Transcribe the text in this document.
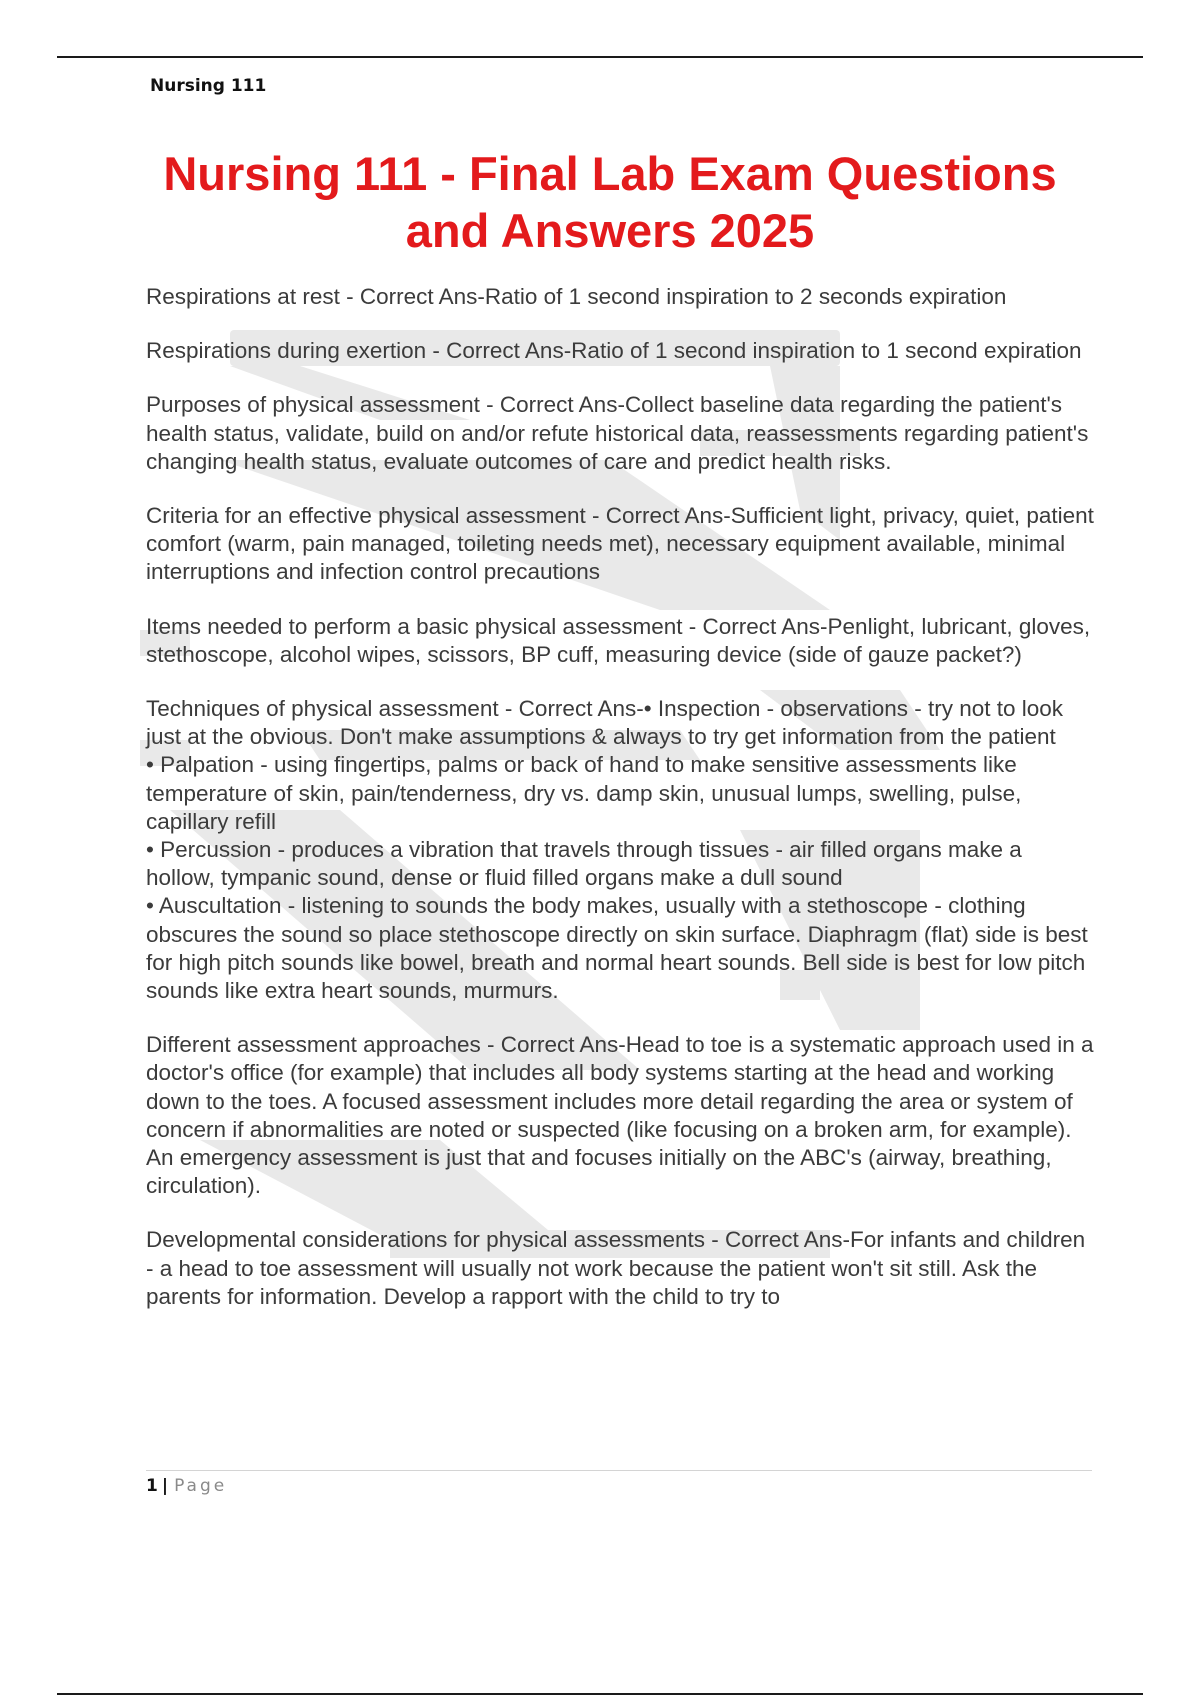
Nursing 111
Nursing 111 - Final Lab Exam Questions and Answers 2025

Respirations at rest - Correct Ans-Ratio of 1 second inspiration to 2 seconds expiration

Respirations during exertion - Correct Ans-Ratio of 1 second inspiration to 1 second expiration

Purposes of physical assessment - Correct Ans-Collect baseline data regarding the patient's health status, validate, build on and/or refute historical data, reassessments regarding patient's changing health status, evaluate outcomes of care and predict health risks.

Criteria for an effective physical assessment - Correct Ans-Sufficient light, privacy, quiet, patient comfort (warm, pain managed, toileting needs met), necessary equipment available, minimal interruptions and infection control precautions

Items needed to perform a basic physical assessment - Correct Ans-Penlight, lubricant, gloves, stethoscope, alcohol wipes, scissors, BP cuff, measuring device (side of gauze packet?)

Techniques of physical assessment - Correct Ans-• Inspection - observations - try not to look just at the obvious. Don't make assumptions & always to try get information from the patient
• Palpation - using fingertips, palms or back of hand to make sensitive assessments like temperature of skin, pain/tenderness, dry vs. damp skin, unusual lumps, swelling, pulse, capillary refill
• Percussion - produces a vibration that travels through tissues - air filled organs make a hollow, tympanic sound, dense or fluid filled organs make a dull sound
• Auscultation - listening to sounds the body makes, usually with a stethoscope - clothing obscures the sound so place stethoscope directly on skin surface. Diaphragm (flat) side is best for high pitch sounds like bowel, breath and normal heart sounds. Bell side is best for low pitch sounds like extra heart sounds, murmurs.

Different assessment approaches - Correct Ans-Head to toe is a systematic approach used in a doctor's office (for example) that includes all body systems starting at the head and working down to the toes. A focused assessment includes more detail regarding the area or system of concern if abnormalities are noted or suspected (like focusing on a broken arm, for example). An emergency assessment is just that and focuses initially on the ABC's (airway, breathing, circulation).

Developmental considerations for physical assessments - Correct Ans-For infants and children - a head to toe assessment will usually not work because the patient won't sit still. Ask the parents for information. Develop a rapport with the child to try to

1 | Page
